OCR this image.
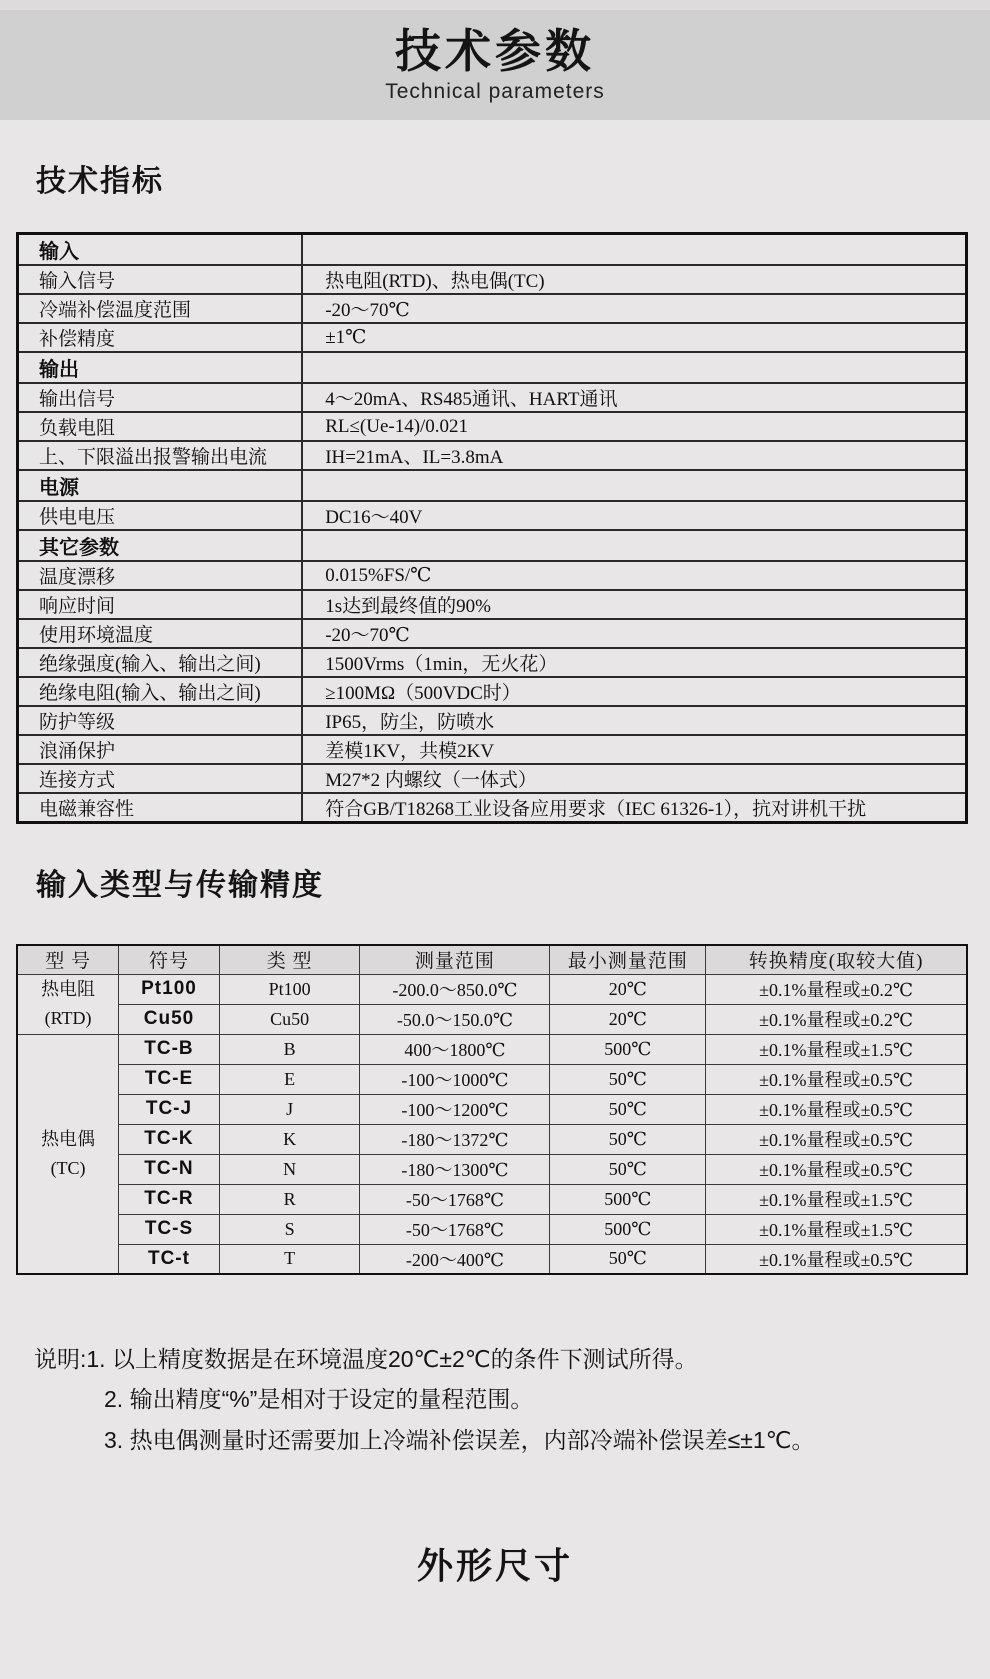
技术参数
Technical parameters
技术指标
输入	
输入信号	热电阻(RTD)、热电偶(TC)
冷端补偿温度范围	-20～70℃
补偿精度	±1℃
输出	
输出信号	4～20mA、RS485通讯、HART通讯
负载电阻	RL≤(Ue-14)/0.021
上、下限溢出报警输出电流	IH=21mA、IL=3.8mA
电源	
供电电压	DC16～40V
其它参数	
温度漂移	0.015%FS/℃
响应时间	1s达到最终值的90%
使用环境温度	-20～70℃
绝缘强度(输入、输出之间)	1500Vrms（1min，无火花）
绝缘电阻(输入、输出之间)	≥100MΩ（500VDC时）
防护等级	IP65，防尘，防喷水
浪涌保护	差模1KV，共模2KV
连接方式	M27*2 内螺纹（一体式）
电磁兼容性	符合GB/T18268工业设备应用要求（IEC 61326-1），抗对讲机干扰
输入类型与传输精度
型 号	符号	类 型	测量范围	最小测量范围	转换精度(取较大值)

热电阻
(RTD)	Pt100	Pt100	-200.0～850.0℃	20℃	±0.1%量程或±0.2℃
	Cu50	Cu50	-50.0～150.0℃	20℃	±0.1%量程或±0.2℃

热电偶
(TC)	TC-B	B	400～1800℃	500℃	±0.1%量程或±1.5℃
	TC-E	E	-100～1000℃	50℃	±0.1%量程或±0.5℃
	TC-J	J	-100～1200℃	50℃	±0.1%量程或±0.5℃
	TC-K	K	-180～1372℃	50℃	±0.1%量程或±0.5℃
	TC-N	N	-180～1300℃	50℃	±0.1%量程或±0.5℃
	TC-R	R	-50～1768℃	500℃	±0.1%量程或±1.5℃
	TC-S	S	-50～1768℃	500℃	±0.1%量程或±1.5℃
	TC-t	T	-200～400℃	50℃	±0.1%量程或±0.5℃
说明: 1. 以上精度数据是在环境温度20℃±2℃的条件下测试所得。
2. 输出精度“%”是相对于设定的量程范围。
3. 热电偶测量时还需要加上冷端补偿误差，内部冷端补偿误差≤±1℃。
外形尺寸
